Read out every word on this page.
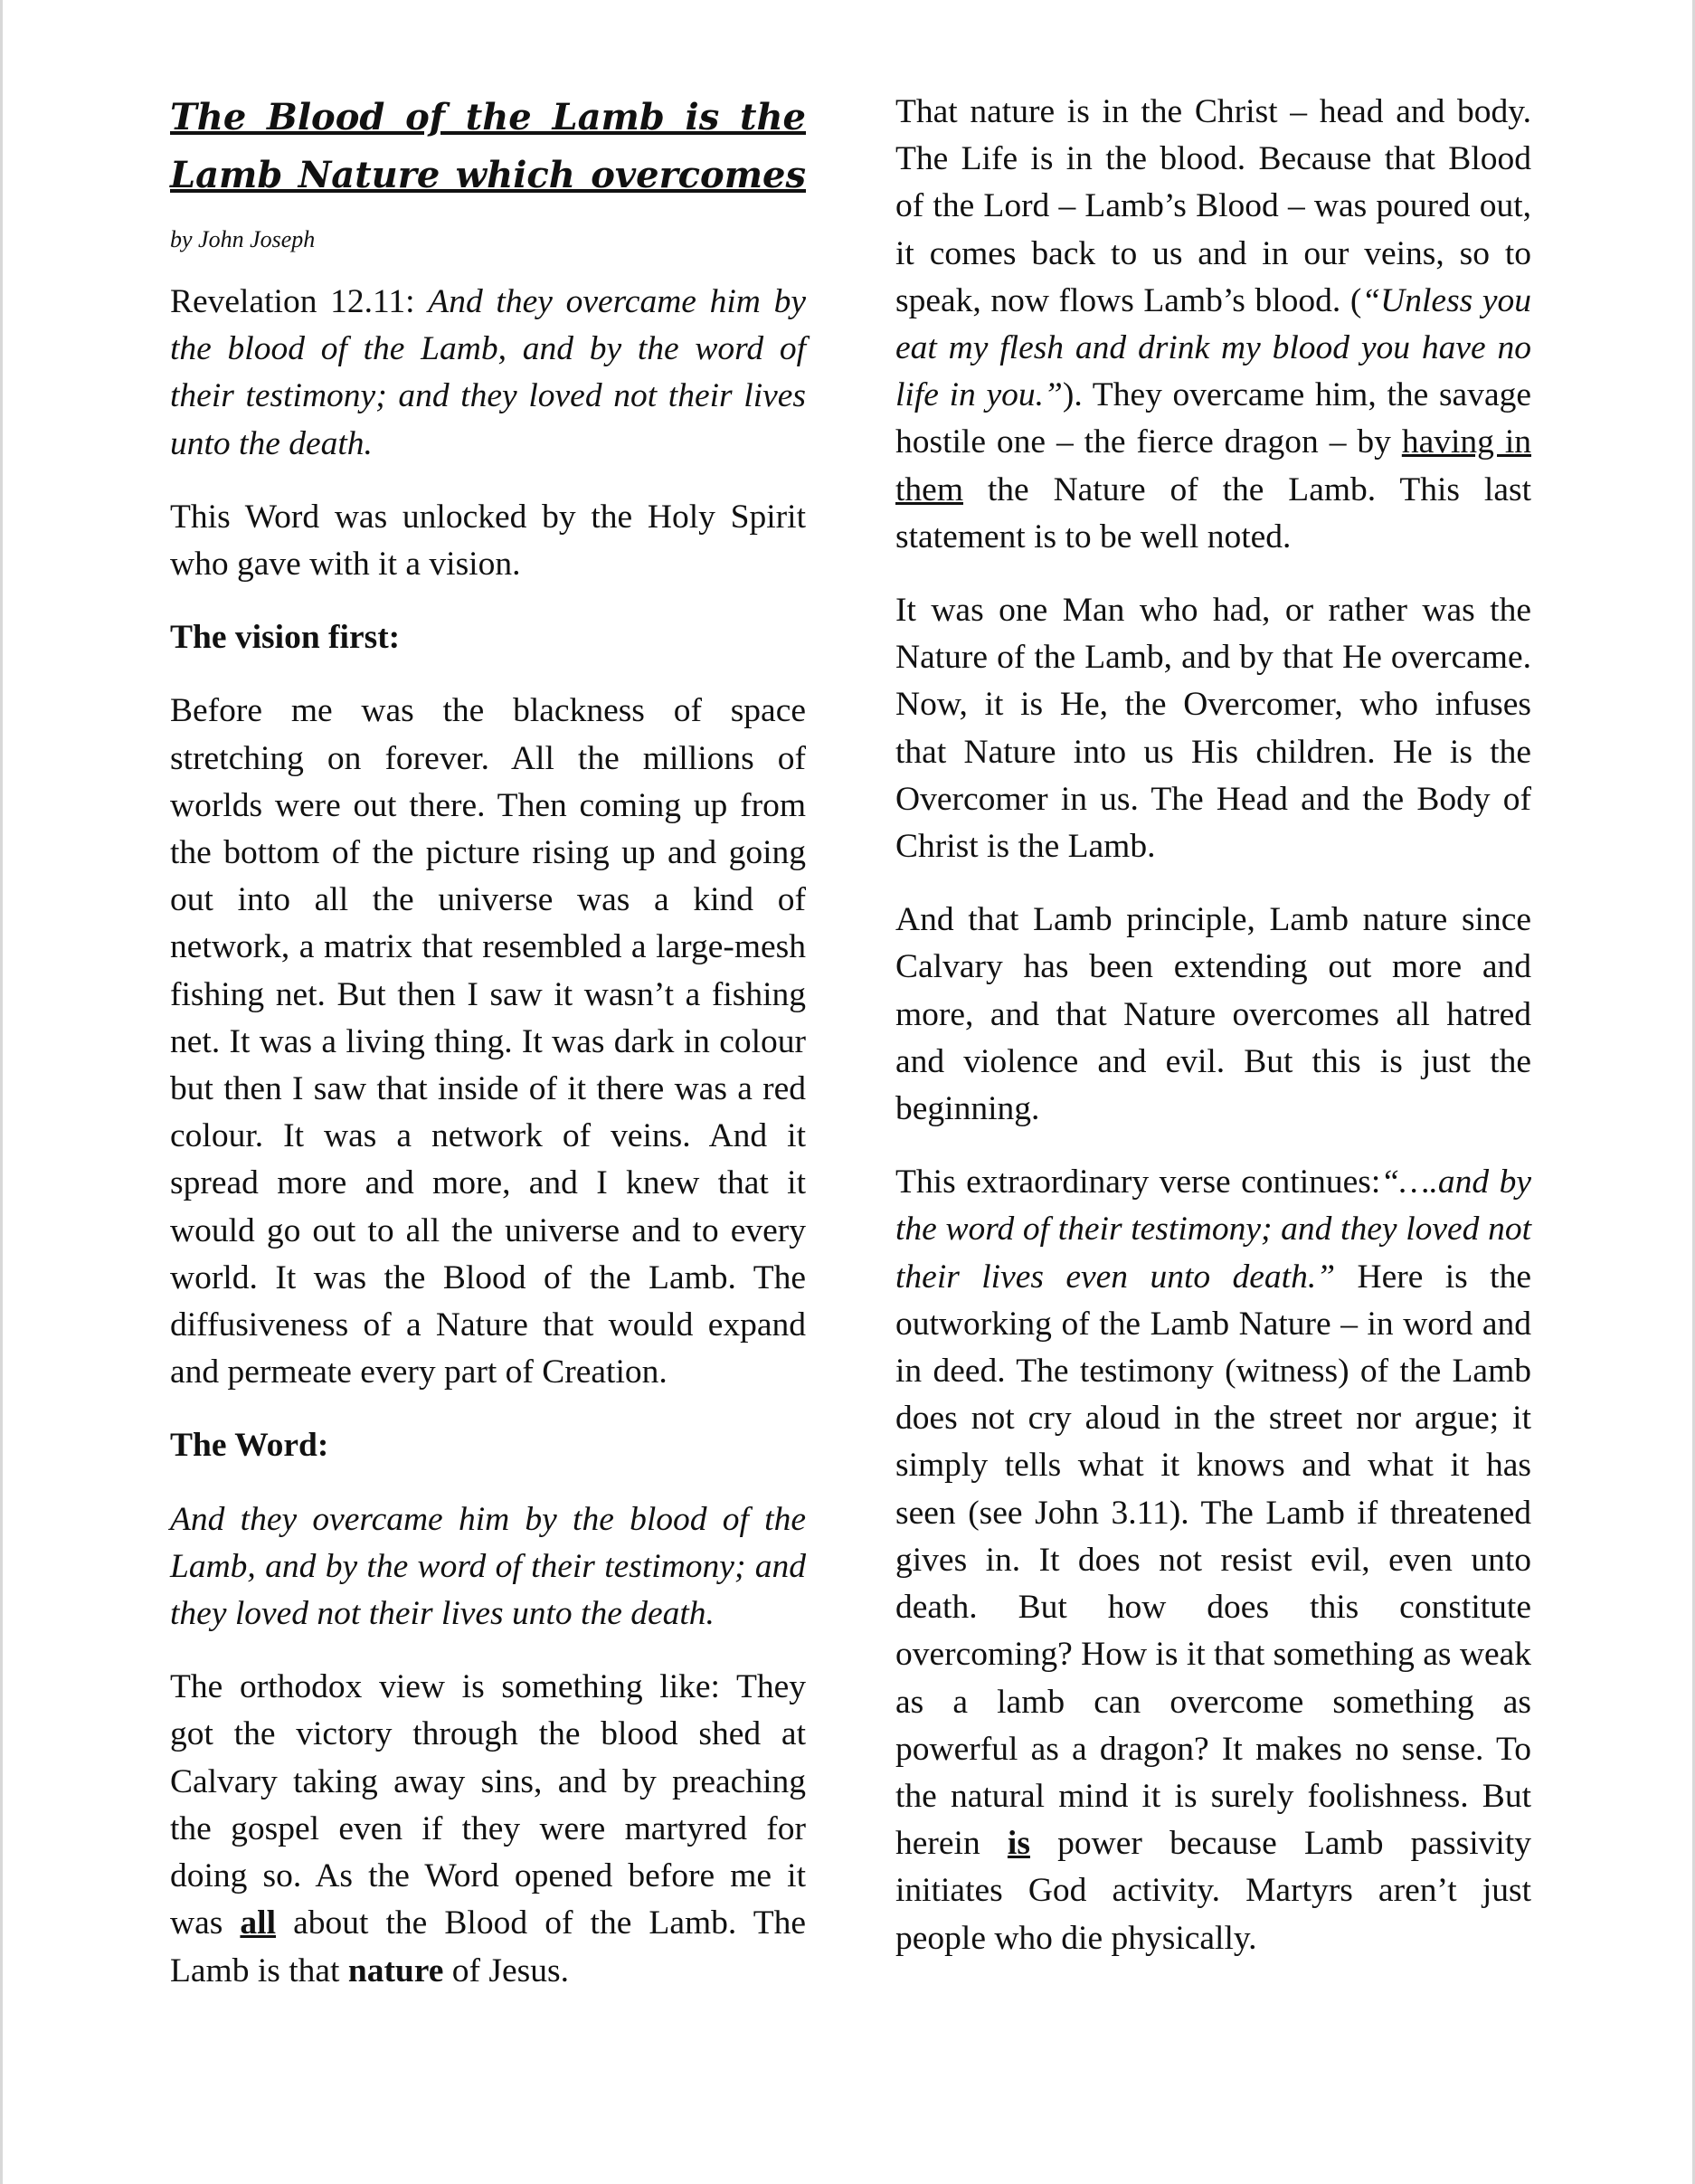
The Blood of the Lamb is the
Lamb Nature which overcomes
by John Joseph

Revelation 12.11: And they overcame him by the blood of the Lamb, and by the word of their testimony; and they loved not their lives unto the death.

This Word was unlocked by the Holy Spirit who gave with it a vision.

The vision first:

Before me was the blackness of space stretching on forever. All the millions of worlds were out there. Then coming up from the bottom of the picture rising up and going out into all the universe was a kind of network, a matrix that resembled a large-mesh fishing net. But then I saw it wasn’t a fishing net. It was a living thing. It was dark in colour but then I saw that inside of it there was a red colour. It was a network of veins. And it spread more and more, and I knew that it would go out to all the universe and to every world. It was the Blood of the Lamb. The diffusiveness of a Nature that would expand and permeate every part of Creation.

The Word:

And they overcame him by the blood of the Lamb, and by the word of their testimony; and they loved not their lives unto the death.

The orthodox view is something like: They got the victory through the blood shed at Calvary taking away sins, and by preaching the gospel even if they were martyred for doing so. As the Word opened before me it was all about the Blood of the Lamb. The Lamb is that nature of Jesus.

That nature is in the Christ – head and body. The Life is in the blood. Because that Blood of the Lord – Lamb’s Blood – was poured out, it comes back to us and in our veins, so to speak, now flows Lamb’s blood. (“Unless you eat my flesh and drink my blood you have no life in you.”). They overcame him, the savage hostile one – the fierce dragon – by having in them the Nature of the Lamb. This last statement is to be well noted.

It was one Man who had, or rather was the Nature of the Lamb, and by that He overcame. Now, it is He, the Overcomer, who infuses that Nature into us His children. He is the Overcomer in us. The Head and the Body of Christ is the Lamb.

And that Lamb principle, Lamb nature since Calvary has been extending out more and more, and that Nature overcomes all hatred and violence and evil. But this is just the beginning.

This extraordinary verse continues:“….and by the word of their testimony; and they loved not their lives even unto death.” Here is the outworking of the Lamb Nature – in word and in deed. The testimony (witness) of the Lamb does not cry aloud in the street nor argue; it simply tells what it knows and what it has seen (see John 3.11). The Lamb if threatened gives in. It does not resist evil, even unto death. But how does this constitute overcoming? How is it that something as weak as a lamb can overcome something as powerful as a dragon? It makes no sense. To the natural mind it is surely foolishness. But herein is power because Lamb passivity initiates God activity. Martyrs aren’t just people who die physically.
